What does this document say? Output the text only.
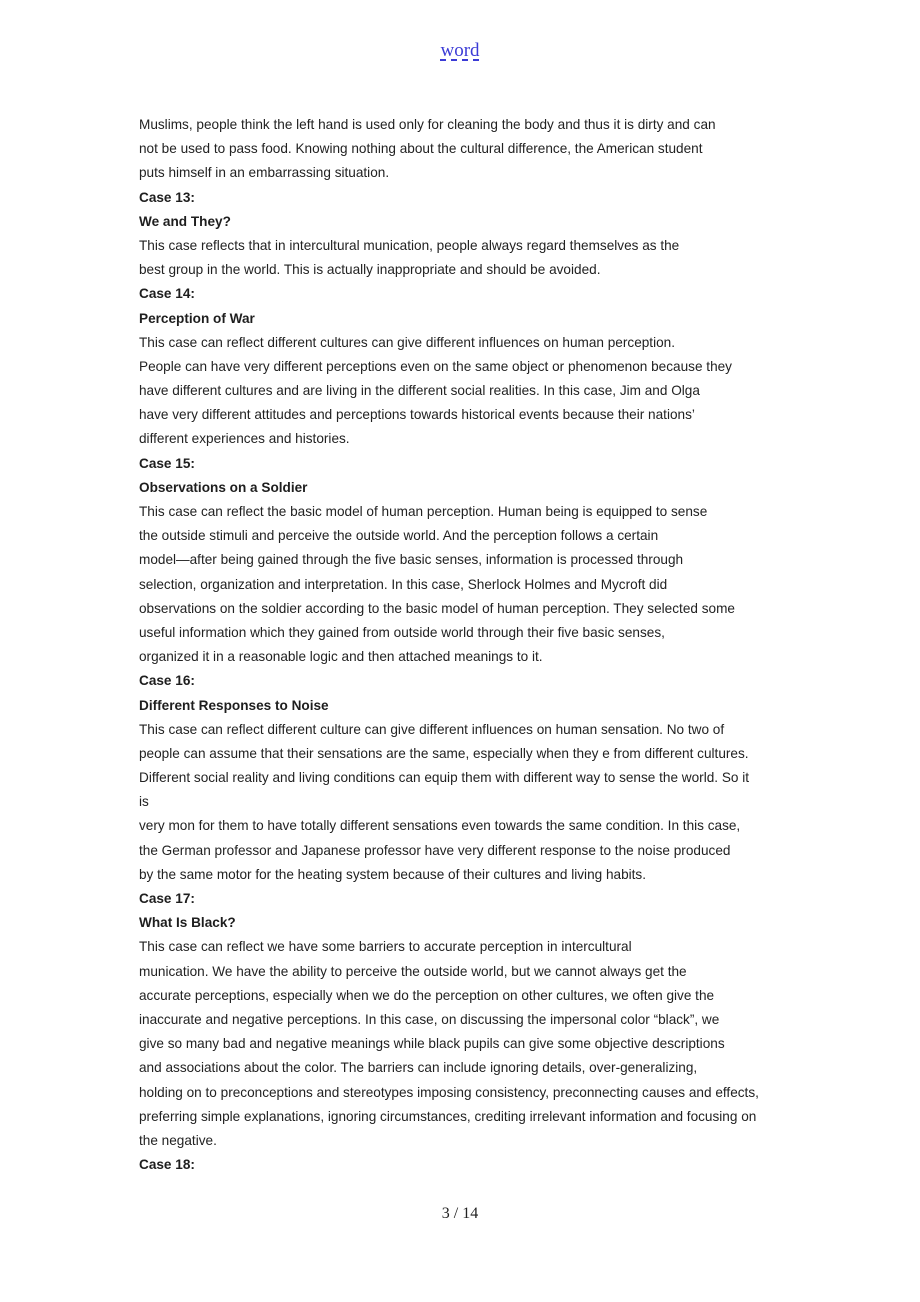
word
Muslims, people think the left hand is used only for cleaning the body and thus it is dirty and can
not be used to pass food. Knowing nothing about the cultural difference, the American student
puts himself in an embarrassing situation.
Case 13:
We and They?
This case reflects that in intercultural munication, people always regard themselves as the
best group in the world. This is actually inappropriate and should be avoided.
Case 14:
Perception of War
This case can reflect different cultures can give different influences on human perception.
People can have very different perceptions even on the same object or phenomenon because they
have different cultures and are living in the different social realities. In this case, Jim and Olga
have very different attitudes and perceptions towards historical events because their nations’
different experiences and histories.
Case 15:
Observations on a Soldier
This case can reflect the basic model of human perception. Human being is equipped to sense
the outside stimuli and perceive the outside world. And the perception follows a certain
model—after being gained through the five basic senses, information is processed through
selection, organization and interpretation. In this case, Sherlock Holmes and Mycroft did
observations on the soldier according to the basic model of human perception. They selected some
useful information which they gained from outside world through their five basic senses,
organized it in a reasonable logic and then attached meanings to it.
Case 16:
Different Responses to Noise
This case can reflect different culture can give different influences on human sensation. No two of
people can assume that their sensations are the same, especially when they e from different cultures.
Different social reality and living conditions can equip them with different way to sense the world. So it
is
very mon for them to have totally different sensations even towards the same condition. In this case,
the German professor and Japanese professor have very different response to the noise produced
by the same motor for the heating system because of their cultures and living habits.
Case 17:
What Is Black?
This case can reflect we have some barriers to accurate perception in intercultural
munication. We have the ability to perceive the outside world, but we cannot always get the
accurate perceptions, especially when we do the perception on other cultures, we often give the
inaccurate and negative perceptions. In this case, on discussing the impersonal color “black”, we
give so many bad and negative meanings while black pupils can give some objective descriptions
and associations about the color. The barriers can include ignoring details, over-generalizing,
holding on to preconceptions and stereotypes imposing consistency, preconnecting causes and effects,
preferring simple explanations, ignoring circumstances, crediting irrelevant information and focusing on
the negative.
Case 18:
3 / 14
